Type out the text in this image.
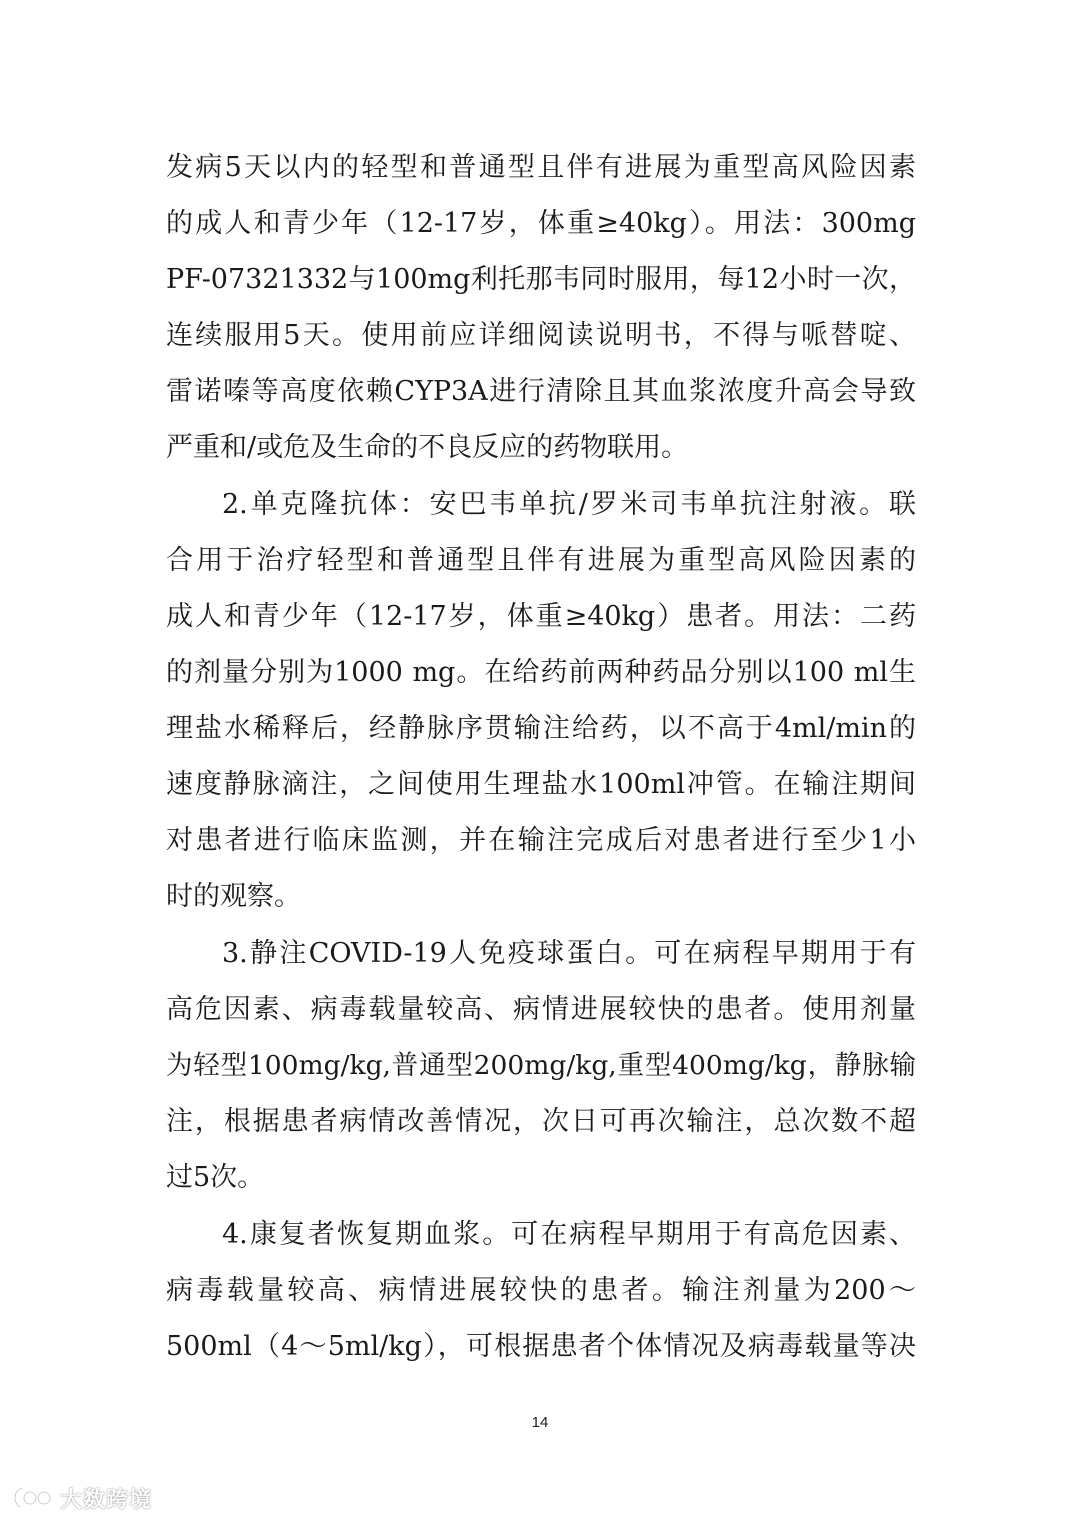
发病5天以内的轻型和普通型且伴有进展为重型高风险因素
的成人和青少年（12-17岁，体重≥40kg）。用法：300mg
PF-07321332与100mg利托那韦同时服用，每12小时一次，
连续服用5天。使用前应详细阅读说明书，不得与哌替啶、
雷诺嗪等高度依赖CYP3A进行清除且其血浆浓度升高会导致
严重和/或危及生命的不良反应的药物联用。
2.单克隆抗体：安巴韦单抗/罗米司韦单抗注射液。联
合用于治疗轻型和普通型且伴有进展为重型高风险因素的
成人和青少年（12-17岁，体重≥40kg）患者。用法：二药
的剂量分别为1000 mg。在给药前两种药品分别以100 ml生
理盐水稀释后，经静脉序贯输注给药，以不高于4ml/min的
速度静脉滴注，之间使用生理盐水100ml冲管。在输注期间
对患者进行临床监测，并在输注完成后对患者进行至少1小
时的观察。
3.静注COVID-19人免疫球蛋白。可在病程早期用于有
高危因素、病毒载量较高、病情进展较快的患者。使用剂量
为轻型100mg/kg,普通型200mg/kg,重型400mg/kg，静脉输
注，根据患者病情改善情况，次日可再次输注，总次数不超
过5次。
4.康复者恢复期血浆。可在病程早期用于有高危因素、
病毒载量较高、病情进展较快的患者。输注剂量为200～
500ml（4～5ml/kg），可根据患者个体情况及病毒载量等决
14
大数跨境
